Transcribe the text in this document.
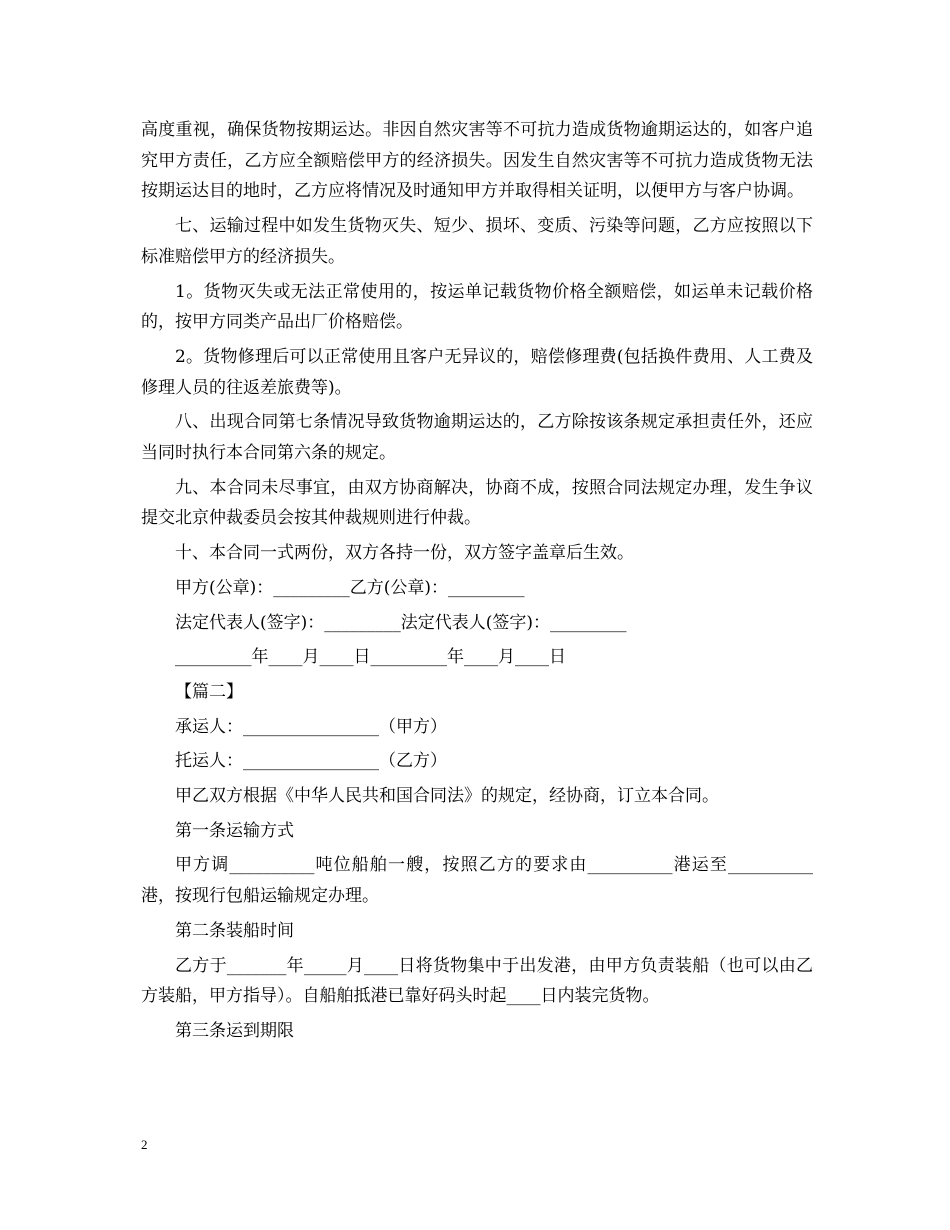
高度重视，确保货物按期运达。非因自然灾害等不可抗力造成货物逾期运达的，如客户追究甲方责任，乙方应全额赔偿甲方的经济损失。因发生自然灾害等不可抗力造成货物无法按期运达目的地时，乙方应将情况及时通知甲方并取得相关证明，以便甲方与客户协调。

七、运输过程中如发生货物灭失、短少、损坏、变质、污染等问题，乙方应按照以下标准赔偿甲方的经济损失。

1。货物灭失或无法正常使用的，按运单记载货物价格全额赔偿，如运单未记载价格的，按甲方同类产品出厂价格赔偿。

2。货物修理后可以正常使用且客户无异议的，赔偿修理费(包括换件费用、人工费及修理人员的往返差旅费等)。

八、出现合同第七条情况导致货物逾期运达的，乙方除按该条规定承担责任外，还应当同时执行本合同第六条的规定。

九、本合同未尽事宜，由双方协商解决，协商不成，按照合同法规定办理，发生争议提交北京仲裁委员会按其仲裁规则进行仲裁。

十、本合同一式两份，双方各持一份，双方签字盖章后生效。

甲方(公章)：_________乙方(公章)：_________

法定代表人(签字)：_________法定代表人(签字)：_________

_________年____月____日_________年____月____日

【篇二】

承运人：________________（甲方）

托运人：________________（乙方）

甲乙双方根据《中华人民共和国合同法》的规定，经协商，订立本合同。

第一条运输方式

甲方调__________吨位船舶一艘，按照乙方的要求由__________港运至__________港，按现行包船运输规定办理。

第二条装船时间

乙方于_______年_____月____日将货物集中于出发港，由甲方负责装船（也可以由乙方装船，甲方指导）。自船舶抵港已靠好码头时起____日内装完货物。

第三条运到期限

2
